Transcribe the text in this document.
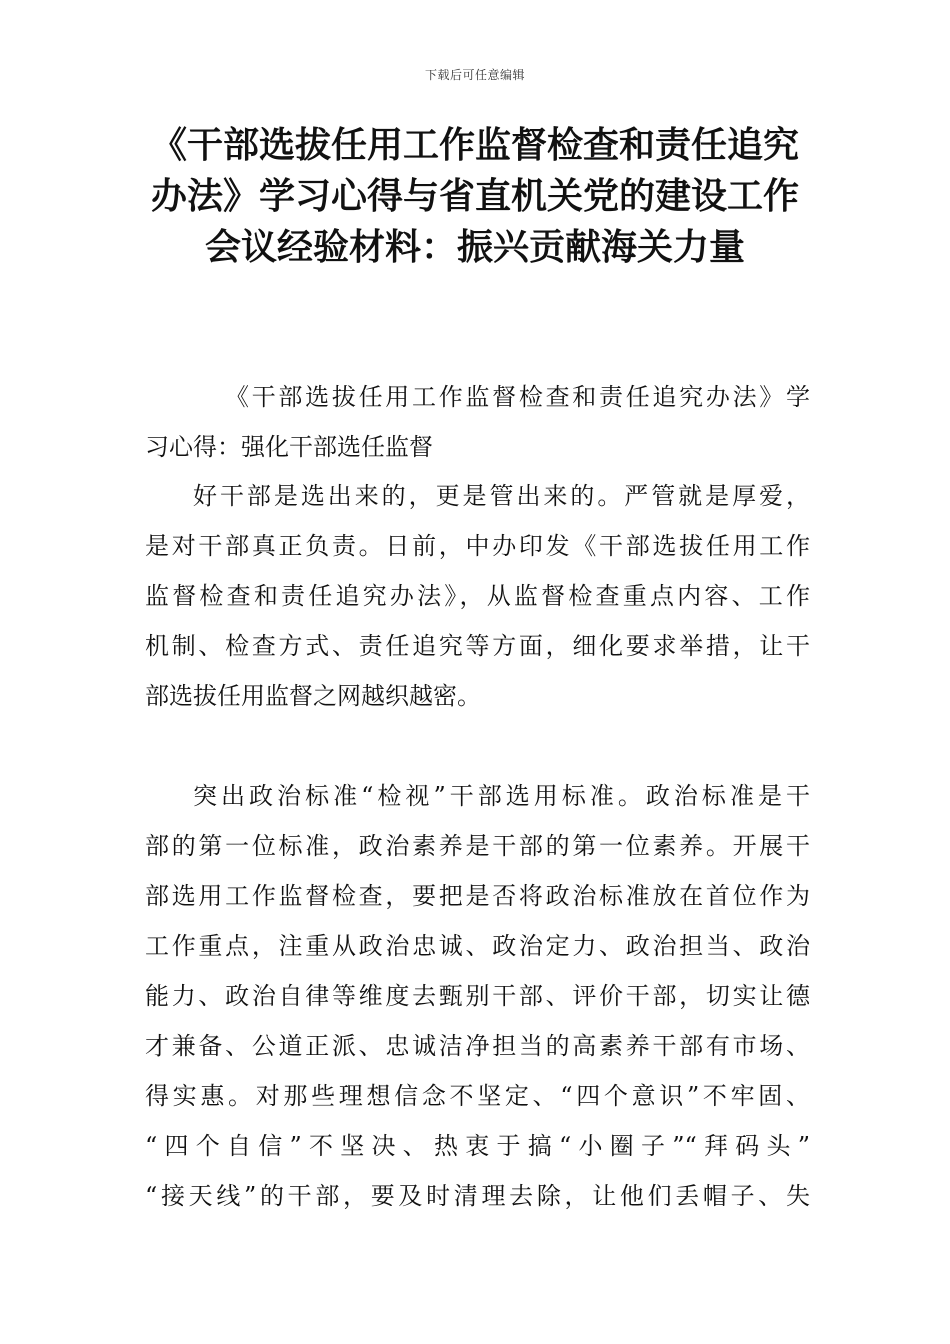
下载后可任意编辑
《干部选拔任用工作监督检查和责任追究
办法》学习心得与省直机关党的建设工作
会议经验材料：振兴贡献海关力量
《干部选拔任用工作监督检查和责任追究办法》学
习心得：强化干部选任监督
好干部是选出来的，更是管出来的。严管就是厚爱，
是对干部真正负责。日前，中办印发《干部选拔任用工作
监督检查和责任追究办法》，从监督检查重点内容、工作
机制、检查方式、责任追究等方面，细化要求举措，让干
部选拔任用监督之网越织越密。
突出政治标准“检视”干部选用标准。政治标准是干
部的第一位标准，政治素养是干部的第一位素养。开展干
部选用工作监督检查，要把是否将政治标准放在首位作为
工作重点，注重从政治忠诚、政治定力、政治担当、政治
能力、政治自律等维度去甄别干部、评价干部，切实让德
才兼备、公道正派、忠诚洁净担当的高素养干部有市场、
得实惠。对那些理想信念不坚定、“四个意识”不牢固、
“四个自信”不坚决、热衷于搞“小圈子”“拜码头”
“接天线”的干部，要及时清理去除，让他们丢帽子、失
